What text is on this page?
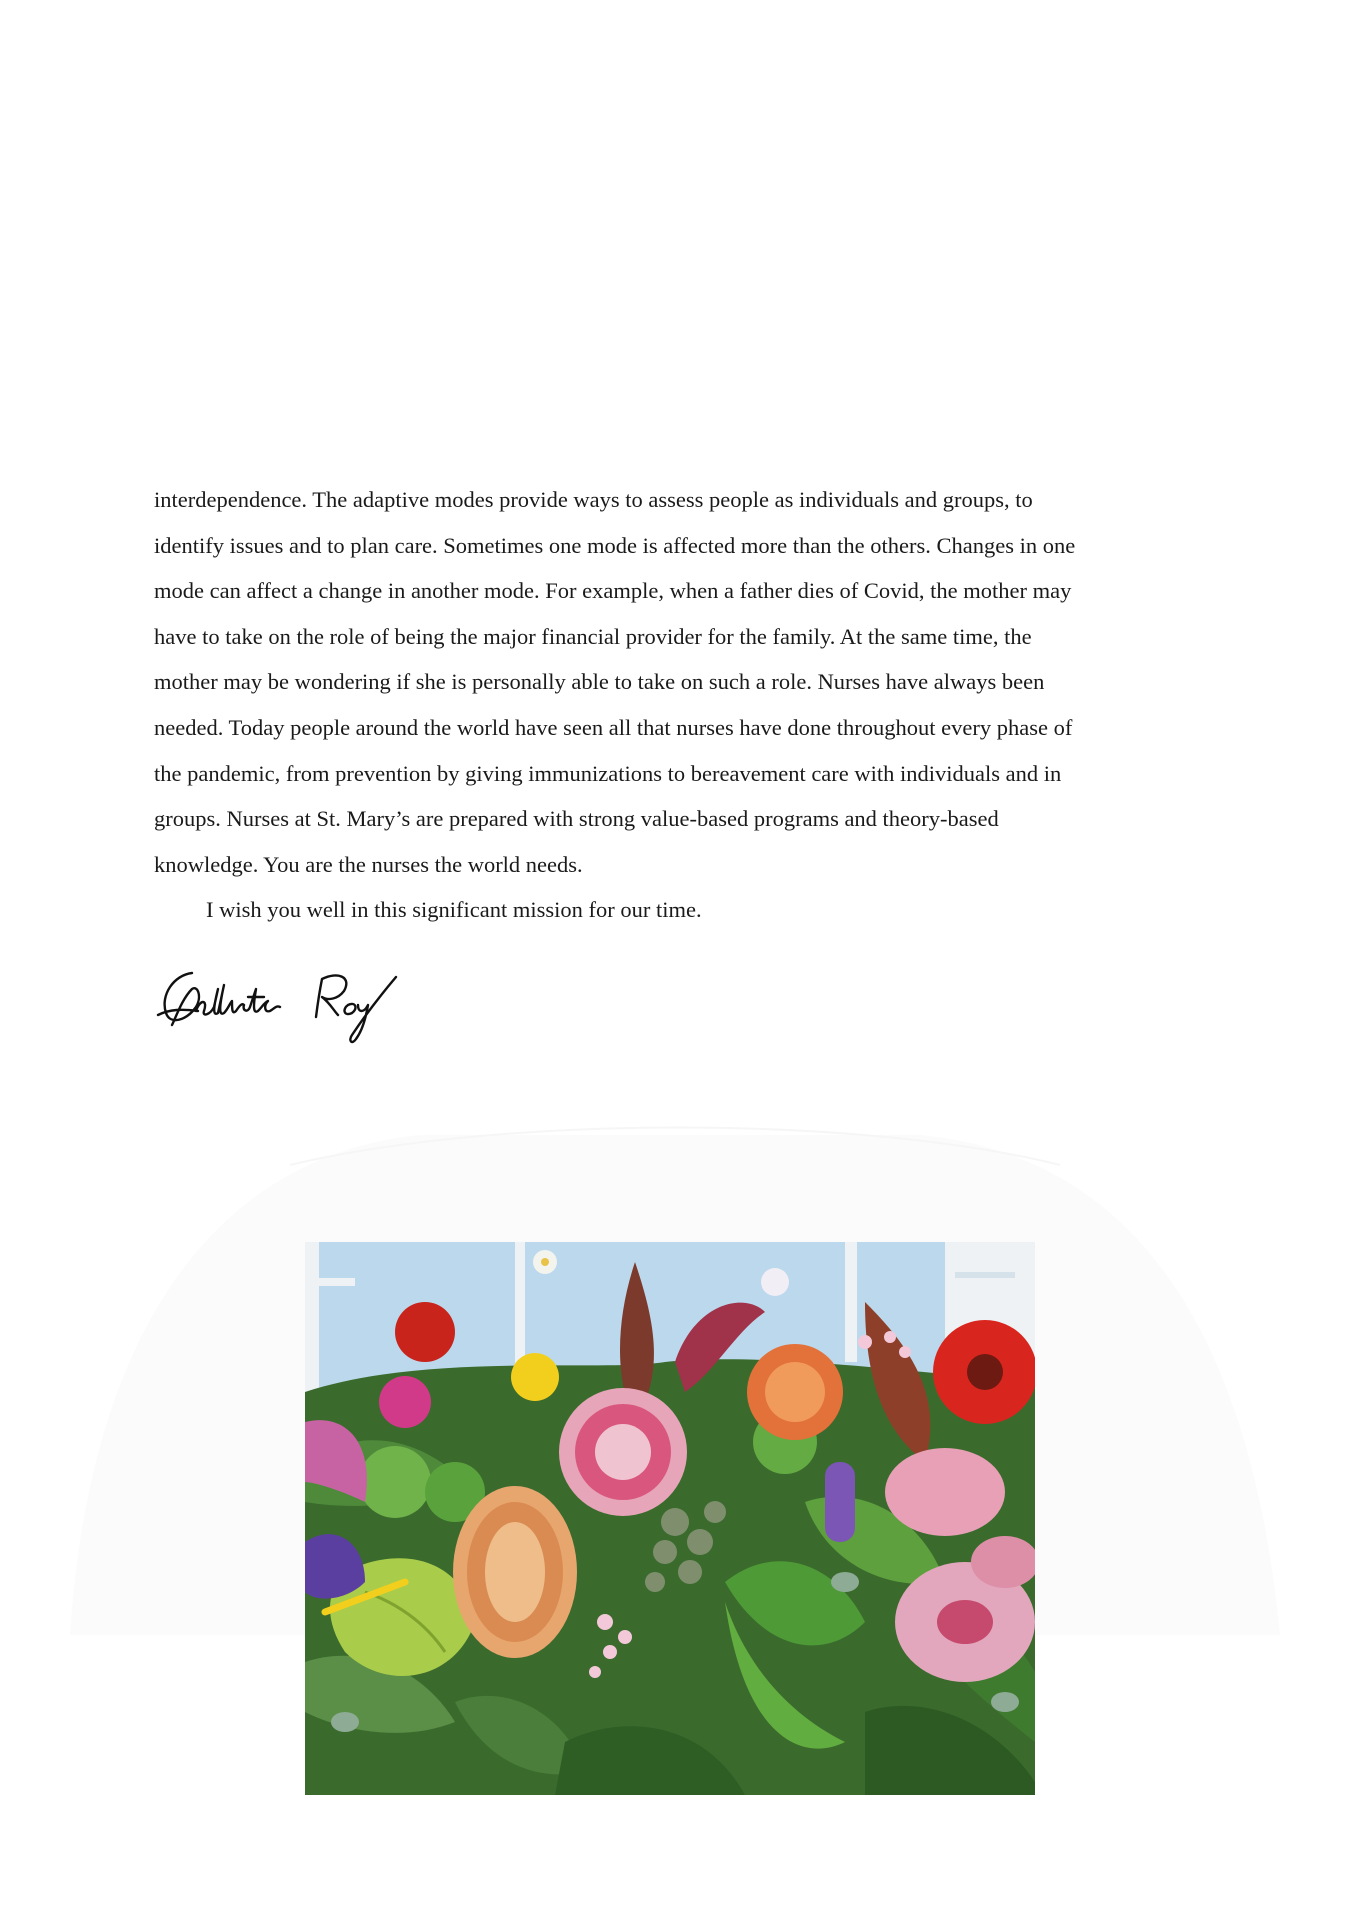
interdependence. The adaptive modes provide ways to assess people as individuals and groups, to
identify issues and to plan care. Sometimes one mode is affected more than the others. Changes in one
mode can affect a change in another mode. For example, when a father dies of Covid, the mother may
have to take on the role of being the major financial provider for the family. At the same time, the
mother may be wondering if she is personally able to take on such a role. Nurses have always been
needed. Today people around the world have seen all that nurses have done throughout every phase of
the pandemic, from prevention by giving immunizations to bereavement care with individuals and in
groups. Nurses at St. Mary’s are prepared with strong value-based programs and theory-based
knowledge. You are the nurses the world needs.
I wish you well in this significant mission for our time.
